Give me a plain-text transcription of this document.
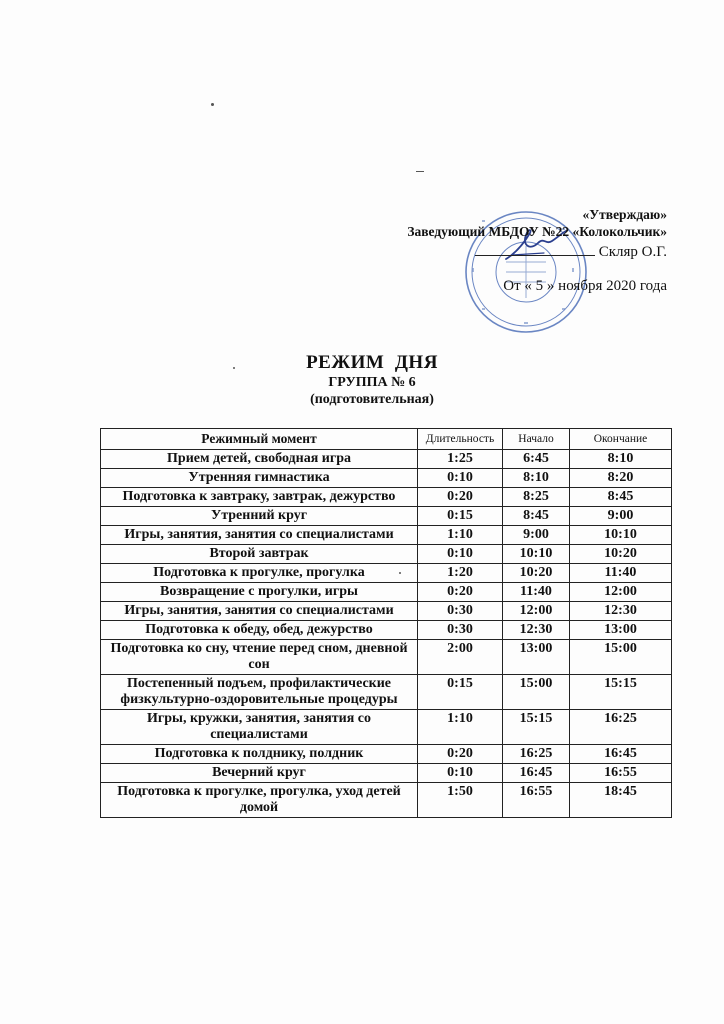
«Утверждаю»
Заведующий МБДОУ №22 «Колокольчик»
Скляр О.Г.
От « 5 » ноября 2020 года
РЕЖИМ  ДНЯ
ГРУППА № 6
(подготовительная)
Режимный момент	Длительность	Начало	Окончание
Прием детей, свободная игра	1:25	6:45	8:10
Утренняя гимнастика	0:10	8:10	8:20
Подготовка к завтраку, завтрак, дежурство	0:20	8:25	8:45
Утренний круг	0:15	8:45	9:00
Игры, занятия, занятия со специалистами	1:10	9:00	10:10
Второй завтрак	0:10	10:10	10:20
Подготовка к прогулке, прогулка	1:20	10:20	11:40
Возвращение с прогулки, игры	0:20	11:40	12:00
Игры, занятия, занятия со специалистами	0:30	12:00	12:30
Подготовка к обеду, обед, дежурство	0:30	12:30	13:00
Подготовка ко сну, чтение перед сном, дневной сон	2:00	13:00	15:00
Постепенный подъем, профилактические физкультурно-оздоровительные процедуры	0:15	15:00	15:15
Игры, кружки, занятия, занятия со специалистами	1:10	15:15	16:25
Подготовка к полднику, полдник	0:20	16:25	16:45
Вечерний круг	0:10	16:45	16:55
Подготовка к прогулке, прогулка, уход детей домой	1:50	16:55	18:45
